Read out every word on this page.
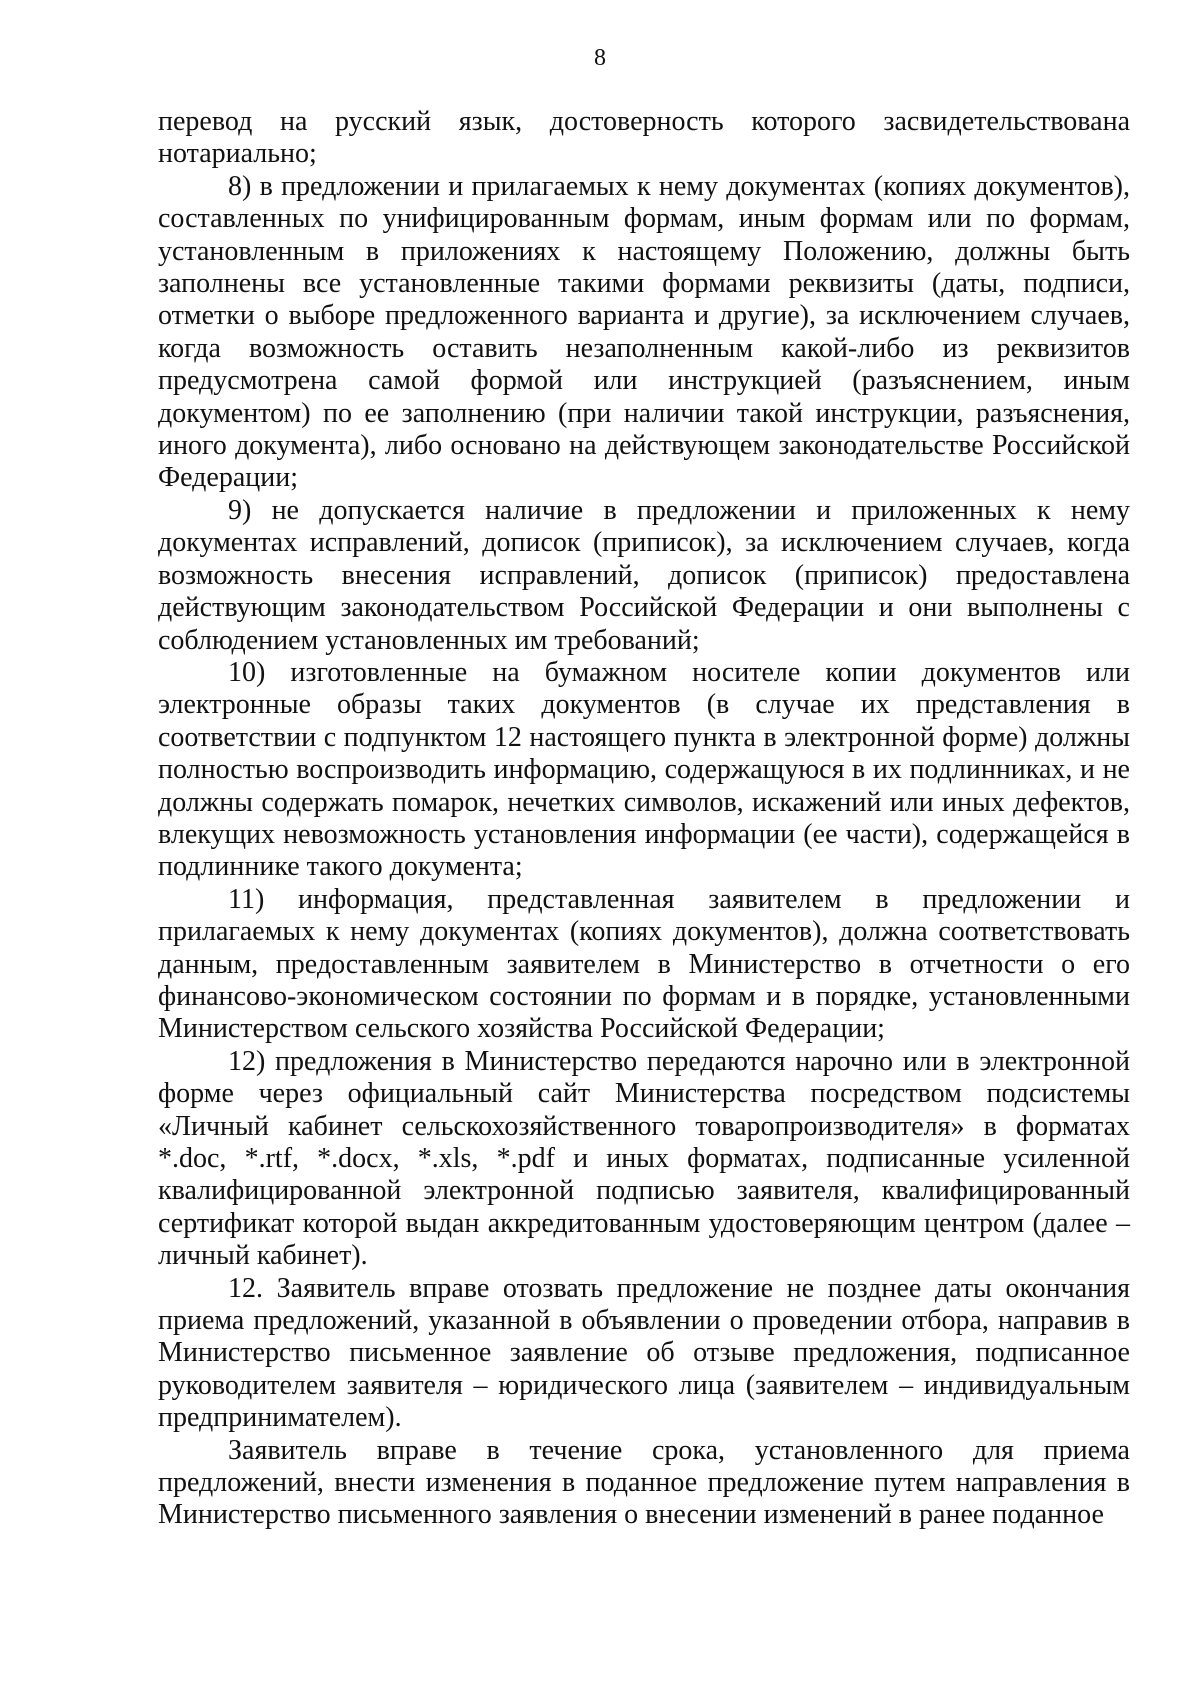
8

перевод на русский язык, достоверность которого засвидетельствована нотариально;

8) в предложении и прилагаемых к нему документах (копиях документов), составленных по унифицированным формам, иным формам или по формам, установленным в приложениях к настоящему Положению, должны быть заполнены все установленные такими формами реквизиты (даты, подписи, отметки о выборе предложенного варианта и другие), за исключением случаев, когда возможность оставить незаполненным какой-либо из реквизитов предусмотрена самой формой или инструкцией (разъяснением, иным документом) по ее заполнению (при наличии такой инструкции, разъяснения, иного документа), либо основано на действующем законодательстве Российской Федерации;

9) не допускается наличие в предложении и приложенных к нему документах исправлений, дописок (приписок), за исключением случаев, когда возможность внесения исправлений, дописок (приписок) предоставлена действующим законодательством Российской Федерации и они выполнены с соблюдением установленных им требований;

10) изготовленные на бумажном носителе копии документов или электронные образы таких документов (в случае их представления в соответствии с подпунктом 12 настоящего пункта в электронной форме) должны полностью воспроизводить информацию, содержащуюся в их подлинниках, и не должны содержать помарок, нечетких символов, искажений или иных дефектов, влекущих невозможность установления информации (ее части), содержащейся в подлиннике такого документа;

11) информация, представленная заявителем в предложении и прилагаемых к нему документах (копиях документов), должна соответствовать данным, предоставленным заявителем в Министерство в отчетности о его финансово-экономическом состоянии по формам и в порядке, установленными Министерством сельского хозяйства Российской Федерации;

12) предложения в Министерство передаются нарочно или в электронной форме через официальный сайт Министерства посредством подсистемы «Личный кабинет сельскохозяйственного товаропроизводителя» в форматах *.doc, *.rtf, *.docx, *.xls, *.pdf и иных форматах, подписанные усиленной квалифицированной электронной подписью заявителя, квалифицированный сертификат которой выдан аккредитованным удостоверяющим центром (далее – личный кабинет).

12. Заявитель вправе отозвать предложение не позднее даты окончания приема предложений, указанной в объявлении о проведении отбора, направив в Министерство письменное заявление об отзыве предложения, подписанное руководителем заявителя – юридического лица (заявителем – индивидуальным предпринимателем).

Заявитель вправе в течение срока, установленного для приема предложений, внести изменения в поданное предложение путем направления в Министерство письменного заявления о внесении изменений в ранее поданное
